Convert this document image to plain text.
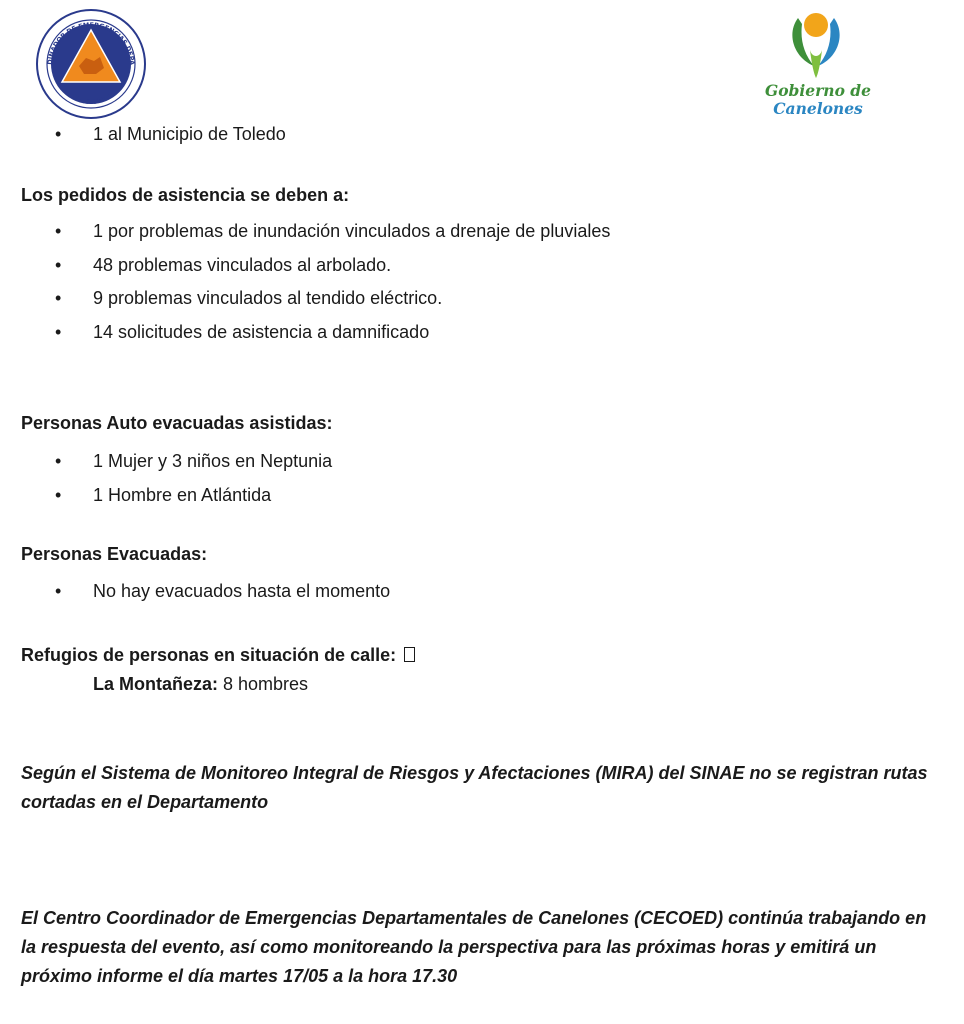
DINADOR DE EMERGENCIAS DEPA
CANELONES	Gobierno de
Canelones
• 1 al Municipio de Toledo

Los pedidos de asistencia se deben a:

• 1 por problemas de inundación vinculados a drenaje de pluviales
• 48 problemas vinculados al arbolado.
• 9 problemas vinculados al tendido eléctrico.
• 14 solicitudes de asistencia a damnificado

Personas Auto evacuadas asistidas:

• 1 Mujer y 3 niños en Neptunia
• 1 Hombre en Atlántida

Personas Evacuadas:

• No hay evacuados hasta el momento

Refugios de personas en situación de calle:

La Montañeza: 8 hombres

Según el Sistema de Monitoreo Integral de Riesgos y Afectaciones (MIRA) del SINAE no se registran rutas cortadas en el Departamento

El Centro Coordinador de Emergencias Departamentales de Canelones (CECOED) continúa trabajando en la respuesta del evento, así como monitoreando la perspectiva para las próximas horas y emitirá un próximo informe el día martes 17/05 a la hora 17.30
